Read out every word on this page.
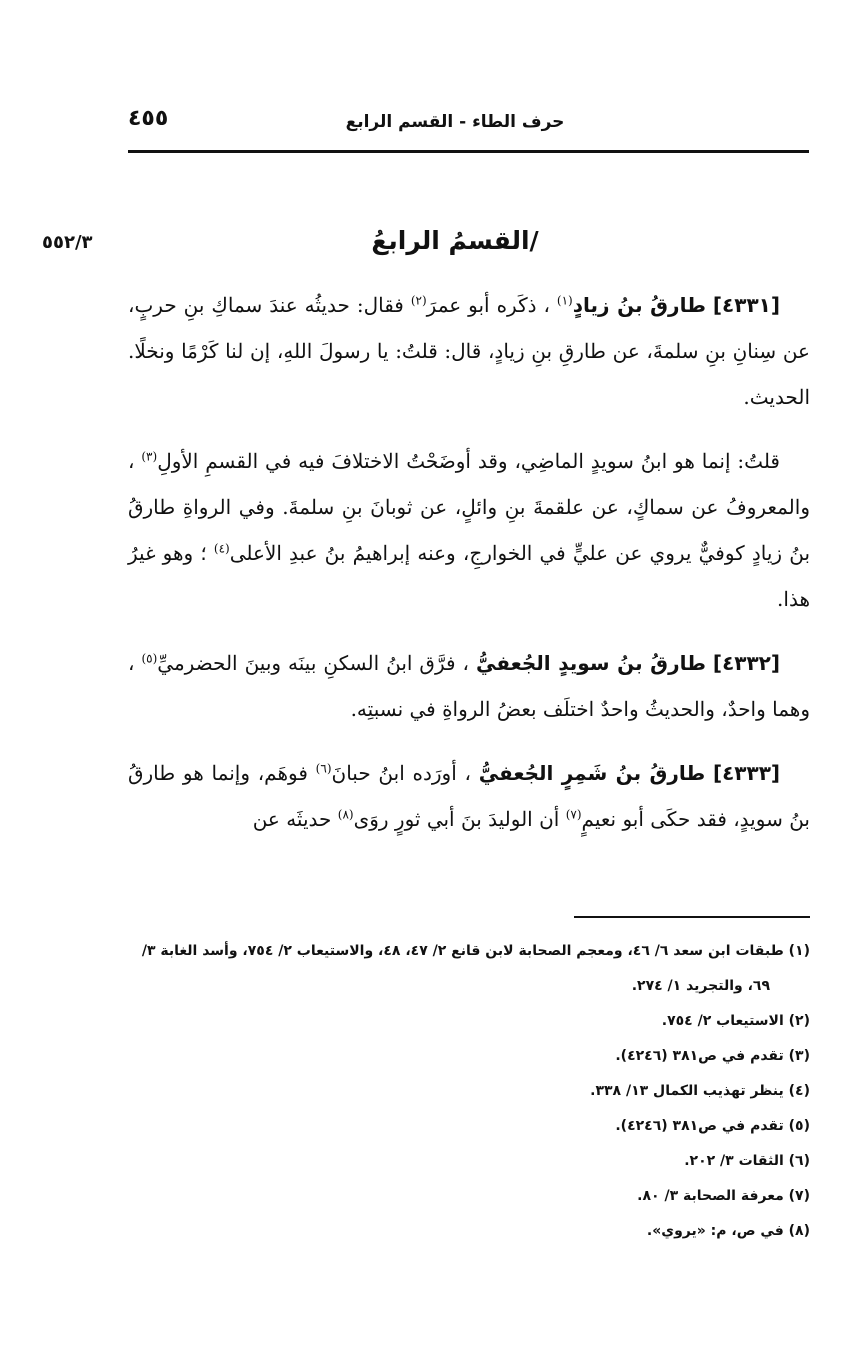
حرف الطاء - القسم الرابع
٤٥٥
/القسمُ الرابعُ
٥٥٢/٣

[٤٣٣١] طارقُ بنُ زيادٍ$^{(١)}$ ، ذكَره أبو عمرَ$^{(٢)}$ فقال: حديثُه عندَ سماكِ بنِ حربٍ، عن سِنانِ بنِ سلمةَ، عن طارقِ بنِ زيادٍ، قال: قلتُ: يا رسولَ اللهِ، إن لنا كَرْمًا ونخلًا. الحديث.

قلتُ: إنما هو ابنُ سويدٍ الماضِي، وقد أوضَحْتُ الاختلافَ فيه في القسمِ الأولِ$^{(٣)}$ ، والمعروفُ عن سماكٍ، عن علقمةَ بنِ وائلٍ، عن ثوبانَ بنِ سلمةَ. وفي الرواةِ طارقُ بنُ زيادٍ كوفيٌّ يروي عن عليٍّ في الخوارجِ، وعنه إبراهيمُ بنُ عبدِ الأعلى$^{(٤)}$ ؛ وهو غيرُ هذا.

[٤٣٣٢] طارقُ بنُ سويدٍ الجُعفيُّ ، فرَّق ابنُ السكنِ بينَه وبينَ الحضرميِّ$^{(٥)}$ ، وهما واحدٌ، والحديثُ واحدٌ اختلَف بعضُ الرواةِ في نسبتِه.

[٤٣٣٣] طارقُ بنُ شَمِرٍ الجُعفيُّ ، أورَده ابنُ حبانَ$^{(٦)}$ فوهَم، وإنما هو طارقُ بنُ سويدٍ، فقد حكَى أبو نعيمٍ$^{(٧)}$ أن الوليدَ بنَ أبي ثورٍ روَى$^{(٨)}$ حديثَه عن

(١) طبقات ابن سعد ٦/ ٤٦، ومعجم الصحابة لابن قانع ٢/ ٤٧، ٤٨، والاستيعاب ٢/ ٧٥٤، وأسد الغابة ٣/ ٦٩، والتجريد ١/ ٢٧٤.

(٢) الاستيعاب ٢/ ٧٥٤.

(٣) تقدم في ص٣٨١ (٤٢٤٦).

(٤) ينظر تهذيب الكمال ١٣/ ٣٣٨.

(٥) تقدم في ص٣٨١ (٤٢٤٦).

(٦) الثقات ٣/ ٢٠٢.

(٧) معرفة الصحابة ٣/ ٨٠.

(٨) في ص، م: «يروي».
